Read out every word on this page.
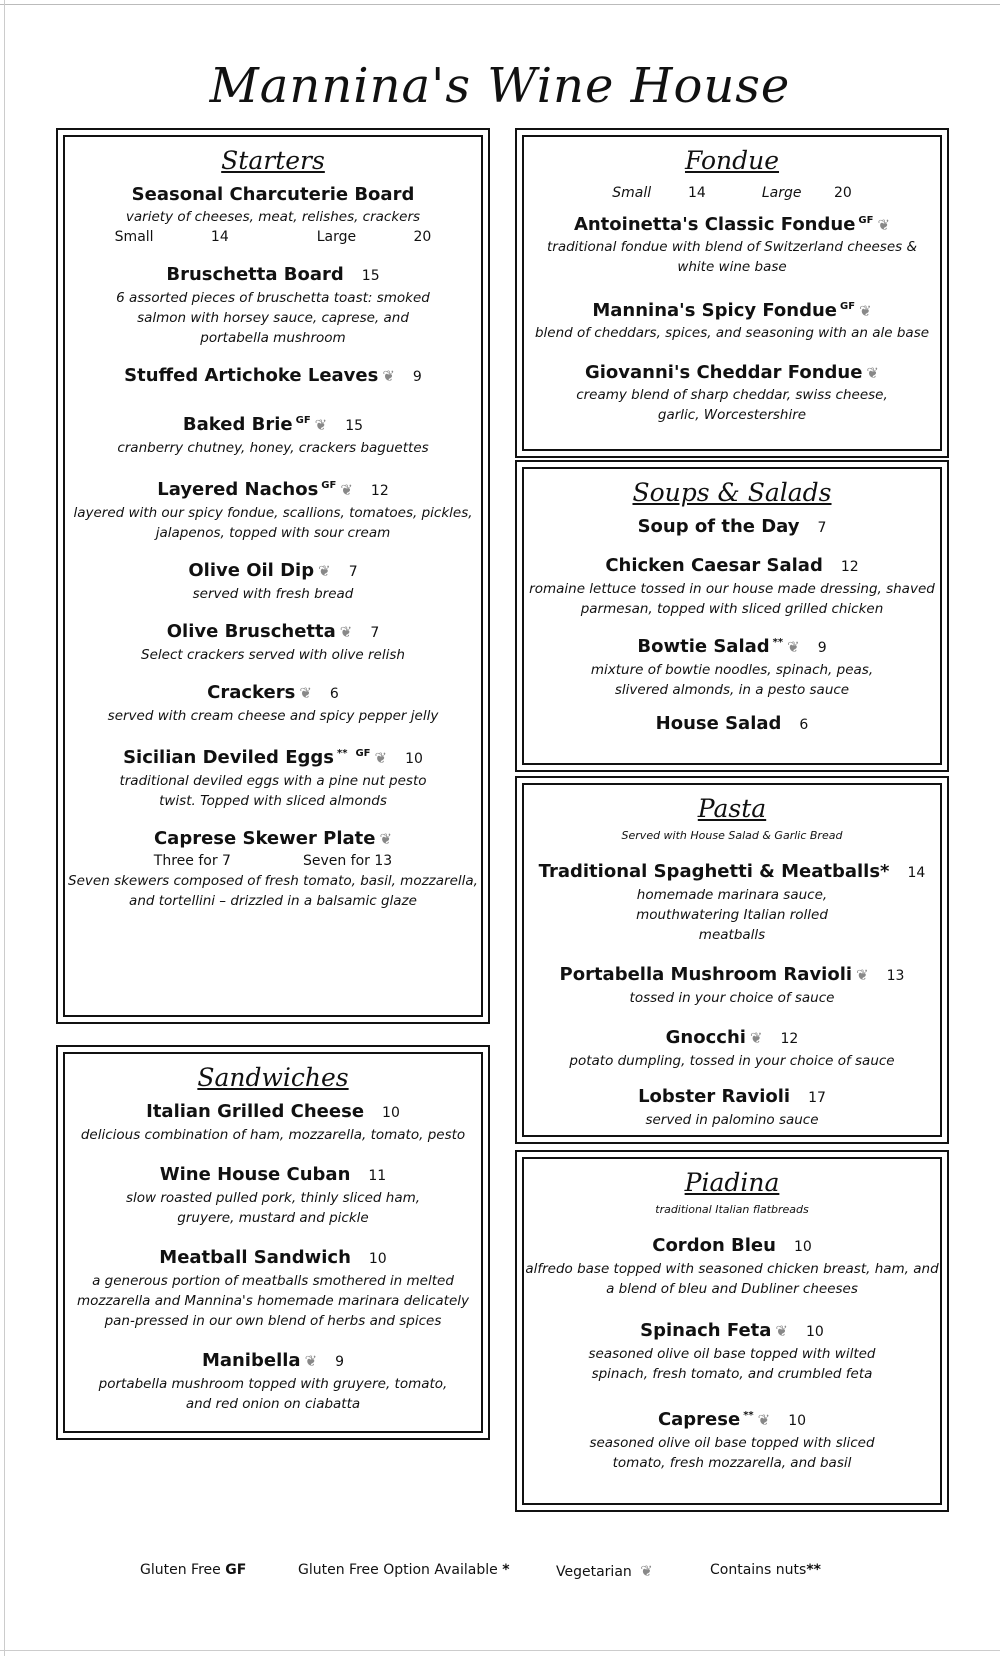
Mannina's Wine House
Starters
Seasonal Charcuterie Board
variety of cheeses, meat, relishes, crackers
Small	14	Large	20
Bruschetta Board 15
6 assorted pieces of bruschetta toast: smoked salmon with horsey sauce, caprese, and portabella mushroom
Stuffed Artichoke Leaves ❦ 9
Baked Brie $^{GF}$ ❦ 15
cranberry chutney, honey, crackers baguettes
Layered Nachos $^{GF}$ ❦ 12
layered with our spicy fondue, scallions, tomatoes, pickles, jalapenos, topped with sour cream
Olive Oil Dip ❦ 7
served with fresh bread
Olive Bruschetta ❦ 7
Select crackers served with olive relish
Crackers ❦ 6
served with cream cheese and spicy pepper jelly
Sicilian Deviled Eggs ** $^{GF}$ ❦ 10
traditional deviled eggs with a pine nut pesto twist. Topped with sliced almonds
Caprese Skewer Plate ❦
Three for 7	Seven for 13
Seven skewers composed of fresh tomato, basil, mozzarella, and tortellini – drizzled in a balsamic glaze
Sandwiches
Italian Grilled Cheese 10
delicious combination of ham, mozzarella, tomato, pesto
Wine House Cuban 11
slow roasted pulled pork, thinly sliced ham, gruyere, mustard and pickle
Meatball Sandwich 10
a generous portion of meatballs smothered in melted mozzarella and Mannina's homemade marinara delicately pan-pressed in our own blend of herbs and spices
Manibella ❦ 9
portabella mushroom topped with gruyere, tomato, and red onion on ciabatta
Fondue
Small	14	Large 20
Antoinetta's Classic Fondue $^{GF}$ ❦
traditional fondue with blend of Switzerland cheeses & white wine base
Mannina's Spicy Fondue $^{GF}$ ❦
blend of cheddars, spices, and seasoning with an ale base
Giovanni's Cheddar Fondue ❦
creamy blend of sharp cheddar, swiss cheese, garlic, Worcestershire
Soups & Salads
Soup of the Day 7
Chicken Caesar Salad 12
romaine lettuce tossed in our house made dressing, shaved parmesan, topped with sliced grilled chicken
Bowtie Salad ** ❦ 9
mixture of bowtie noodles, spinach, peas, slivered almonds, in a pesto sauce
House Salad 6
Pasta
Served with House Salad & Garlic Bread
Traditional Spaghetti & Meatballs* 14
homemade marinara sauce, mouthwatering Italian rolled meatballs
Portabella Mushroom Ravioli ❦ 13
tossed in your choice of sauce
Gnocchi ❦ 12
potato dumpling, tossed in your choice of sauce
Lobster Ravioli 17
served in palomino sauce
Piadina
traditional Italian flatbreads
Cordon Bleu 10
alfredo base topped with seasoned chicken breast, ham, and a blend of bleu and Dubliner cheeses
Spinach Feta ❦ 10
seasoned olive oil base topped with wilted spinach, fresh tomato, and crumbled feta
Caprese ** ❦ 10
seasoned olive oil base topped with sliced tomato, fresh mozzarella, and basil
Gluten Free GF	Gluten Free Option Available *	Vegetarian ❦	Contains nuts**
